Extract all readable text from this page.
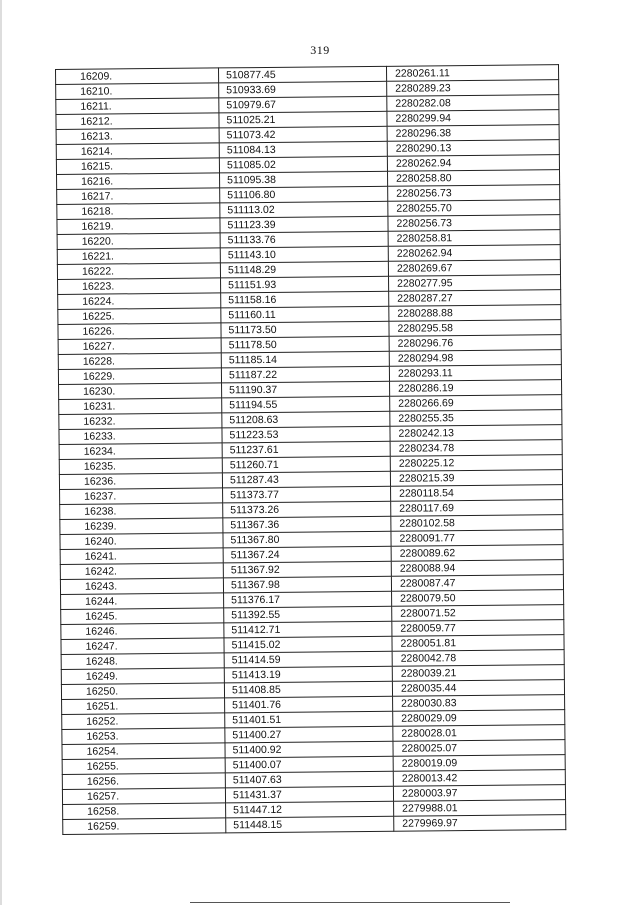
319
16209.	510877.45	2280261.11
16210.	510933.69	2280289.23
16211.	510979.67	2280282.08
16212.	511025.21	2280299.94
16213.	511073.42	2280296.38
16214.	511084.13	2280290.13
16215.	511085.02	2280262.94
16216.	511095.38	2280258.80
16217.	511106.80	2280256.73
16218.	511113.02	2280255.70
16219.	511123.39	2280256.73
16220.	511133.76	2280258.81
16221.	511143.10	2280262.94
16222.	511148.29	2280269.67
16223.	511151.93	2280277.95
16224.	511158.16	2280287.27
16225.	511160.11	2280288.88
16226.	511173.50	2280295.58
16227.	511178.50	2280296.76
16228.	511185.14	2280294.98
16229.	511187.22	2280293.11
16230.	511190.37	2280286.19
16231.	511194.55	2280266.69
16232.	511208.63	2280255.35
16233.	511223.53	2280242.13
16234.	511237.61	2280234.78
16235.	511260.71	2280225.12
16236.	511287.43	2280215.39
16237.	511373.77	2280118.54
16238.	511373.26	2280117.69
16239.	511367.36	2280102.58
16240.	511367.80	2280091.77
16241.	511367.24	2280089.62
16242.	511367.92	2280088.94
16243.	511367.98	2280087.47
16244.	511376.17	2280079.50
16245.	511392.55	2280071.52
16246.	511412.71	2280059.77
16247.	511415.02	2280051.81
16248.	511414.59	2280042.78
16249.	511413.19	2280039.21
16250.	511408.85	2280035.44
16251.	511401.76	2280030.83
16252.	511401.51	2280029.09
16253.	511400.27	2280028.01
16254.	511400.92	2280025.07
16255.	511400.07	2280019.09
16256.	511407.63	2280013.42
16257.	511431.37	2280003.97
16258.	511447.12	2279988.01
16259.	511448.15	2279969.97
